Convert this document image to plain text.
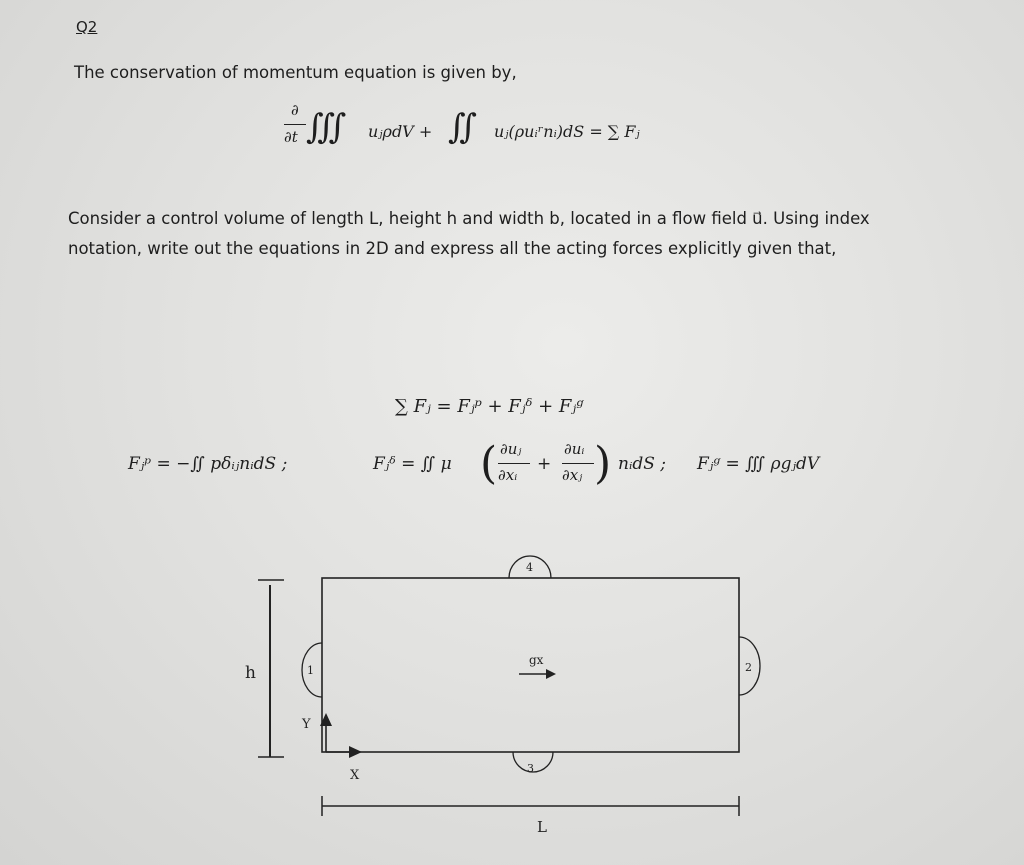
Q2
The conservation of momentum equation is given by,
∂
∂t ∭ uⱼρdV + ∬ uⱼ(ρuᵢʳnᵢ)dS = ∑ Fⱼ
Consider a control volume of length L, height h and width b, located in a flow field u⃗. Using index
notation, write out the equations in 2D and express all the acting forces explicitly given that,
∑ Fⱼ = Fⱼᵖ + Fⱼᵟ + Fⱼᵍ
Fⱼᵖ = −∬ pδᵢⱼnᵢdS ;	Fⱼᵟ = ∬ μ ( ∂uⱼ
∂xᵢ
+
∂uᵢ
∂xⱼ ) nᵢdS ; Fⱼᵍ = ∭ ρgⱼdV
h	1	2
3
4
gx
Y
X
L
